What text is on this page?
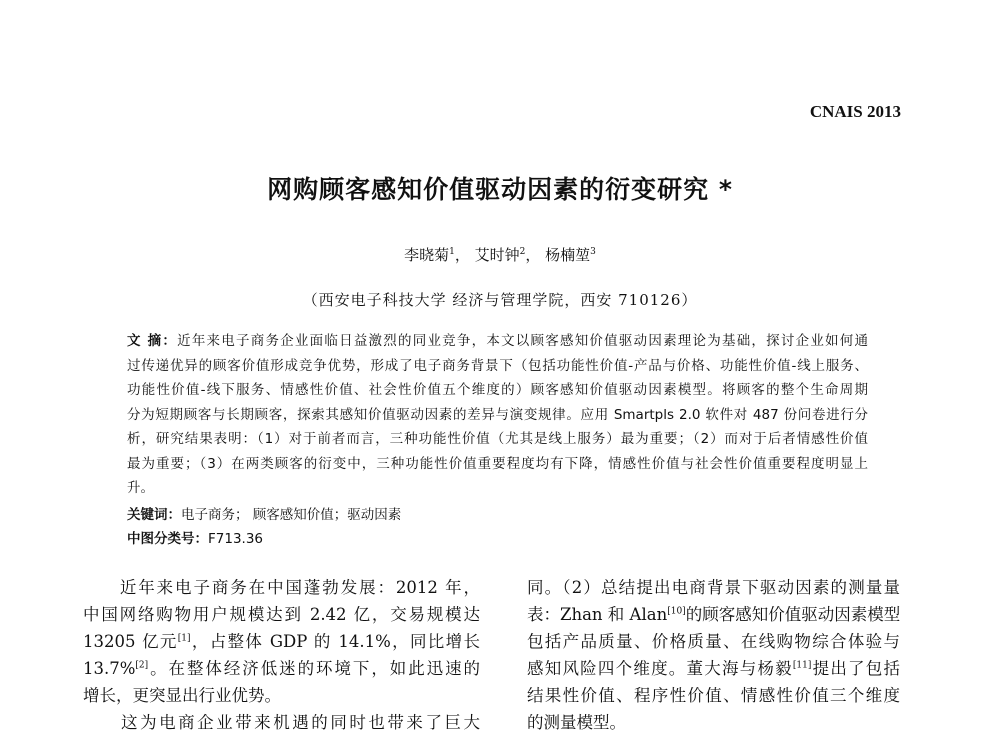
CNAIS 2013
网购顾客感知价值驱动因素的衍变研究 *
李晓菊$^1$， 艾时钟$^2$， 杨楠堃$^3$
（西安电子科技大学 经济与管理学院，西安 710126）
文 摘：近年来电子商务企业面临日益激烈的同业竞争，本文以顾客感知价值驱动因素理论为基础，探讨企业如何通
过传递优异的顾客价值形成竞争优势，形成了电子商务背景下（包括功能性价值-产品与价格、功能性价值-线上服务、
功能性价值-线下服务、情感性价值、社会性价值五个维度的）顾客感知价值驱动因素模型。将顾客的整个生命周期
分为短期顾客与长期顾客，探索其感知价值驱动因素的差异与演变规律。应用 Smartpls 2.0 软件对 487 份问卷进行分
析，研究结果表明：（1）对于前者而言，三种功能性价值（尤其是线上服务）最为重要；（2）而对于后者情感性价值
最为重要；（3）在两类顾客的衍变中，三种功能性价值重要程度均有下降，情感性价值与社会性价值重要程度明显上
升。
关键词：电子商务； 顾客感知价值；驱动因素
中图分类号：F713.36
　　近年来电子商务在中国蓬勃发展：2012 年，
中国网络购物用户规模达到 2.42 亿，交易规模达
13205 亿元[1]，占整体 GDP 的 14.1%，同比增长
13.7%[2]。在整体经济低迷的环境下，如此迅速的
增长，更突显出行业优势。
　　这为电商企业带来机遇的同时也带来了巨大
同。（2）总结提出电商背景下驱动因素的测量量
表：Zhan 和 Alan[10]的顾客感知价值驱动因素模型
包括产品质量、价格质量、在线购物综合体验与
感知风险四个维度。董大海与杨毅[11]提出了包括
结果性价值、程序性价值、情感性价值三个维度
的测量模型。
